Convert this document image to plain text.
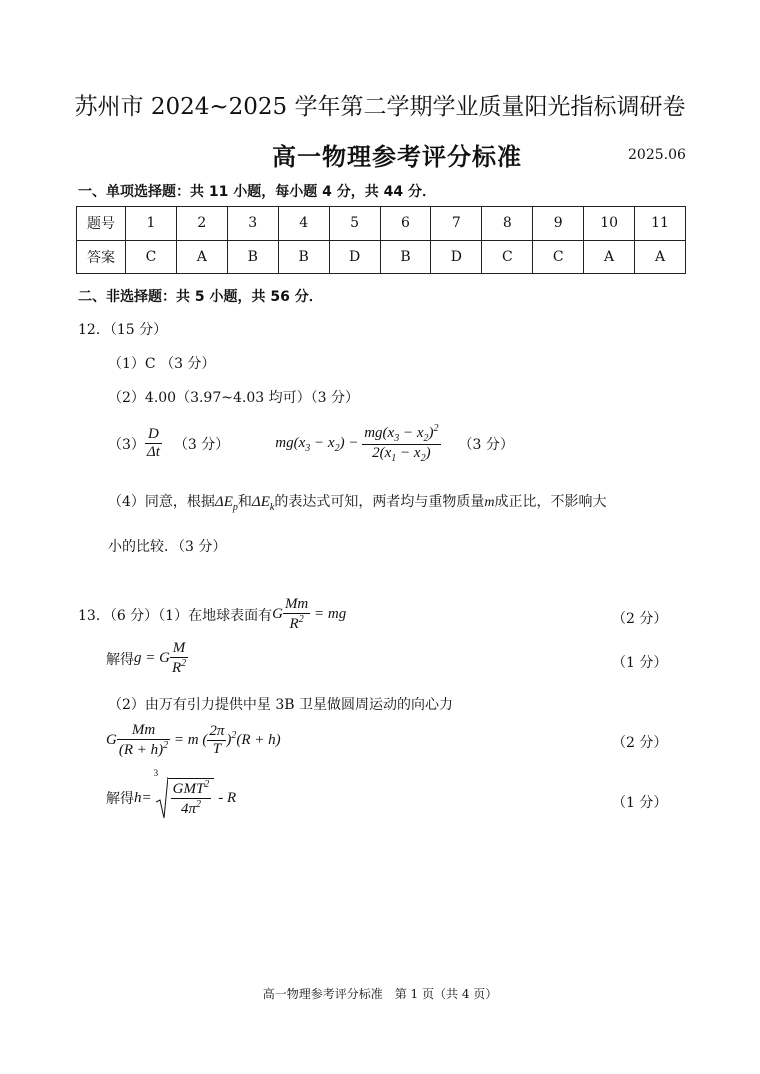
苏州市 2024~2025 学年第二学期学业质量阳光指标调研卷
高一物理参考评分标准	2025.06
一、单项选择题：共 11 小题，每小题 4 分，共 44 分．
题号	1	2	3	4	5	6	7	8	9	10	11
答案	C	A	B	B	D	B	D	C	C	A	A
二、非选择题：共 5 小题，共 56 分．
12．（15 分）
（1）C （3 分）
（2）4.00（3.97~4.03 均可）（3 分）
$(3) \frac{D}{\Delta t} (3$ 分）	$mg(x_3 - x_2) - \frac{mg(x_3 - x_2)^2}{2(x_1 - x_2)} (3$ 分）
（4）同意，根据$\Delta E_p$和$\Delta E_k$的表达式可知，两者均与重物质量m成正比，不影响大
小的比较．（3 分）
13．（6 分）（1）在地球表面有 G $\frac{Mm}{R^2}$ = mg	（2 分）
解得 g = G $\frac{M}{R^2}$	（1 分）
（2）由万有引力提供中星 3B 卫星做圆周运动的向心力
G $\frac{Mm}{(R + h)^2} = m$ ( $\frac{2\pi}{T} )^2(R + h)$	（2 分）
解得 h =
3
$\frac{GMT^2}{4\pi^2}$ - R	（1 分）
高一物理参考评分标准　第 1 页（共 4 页）
